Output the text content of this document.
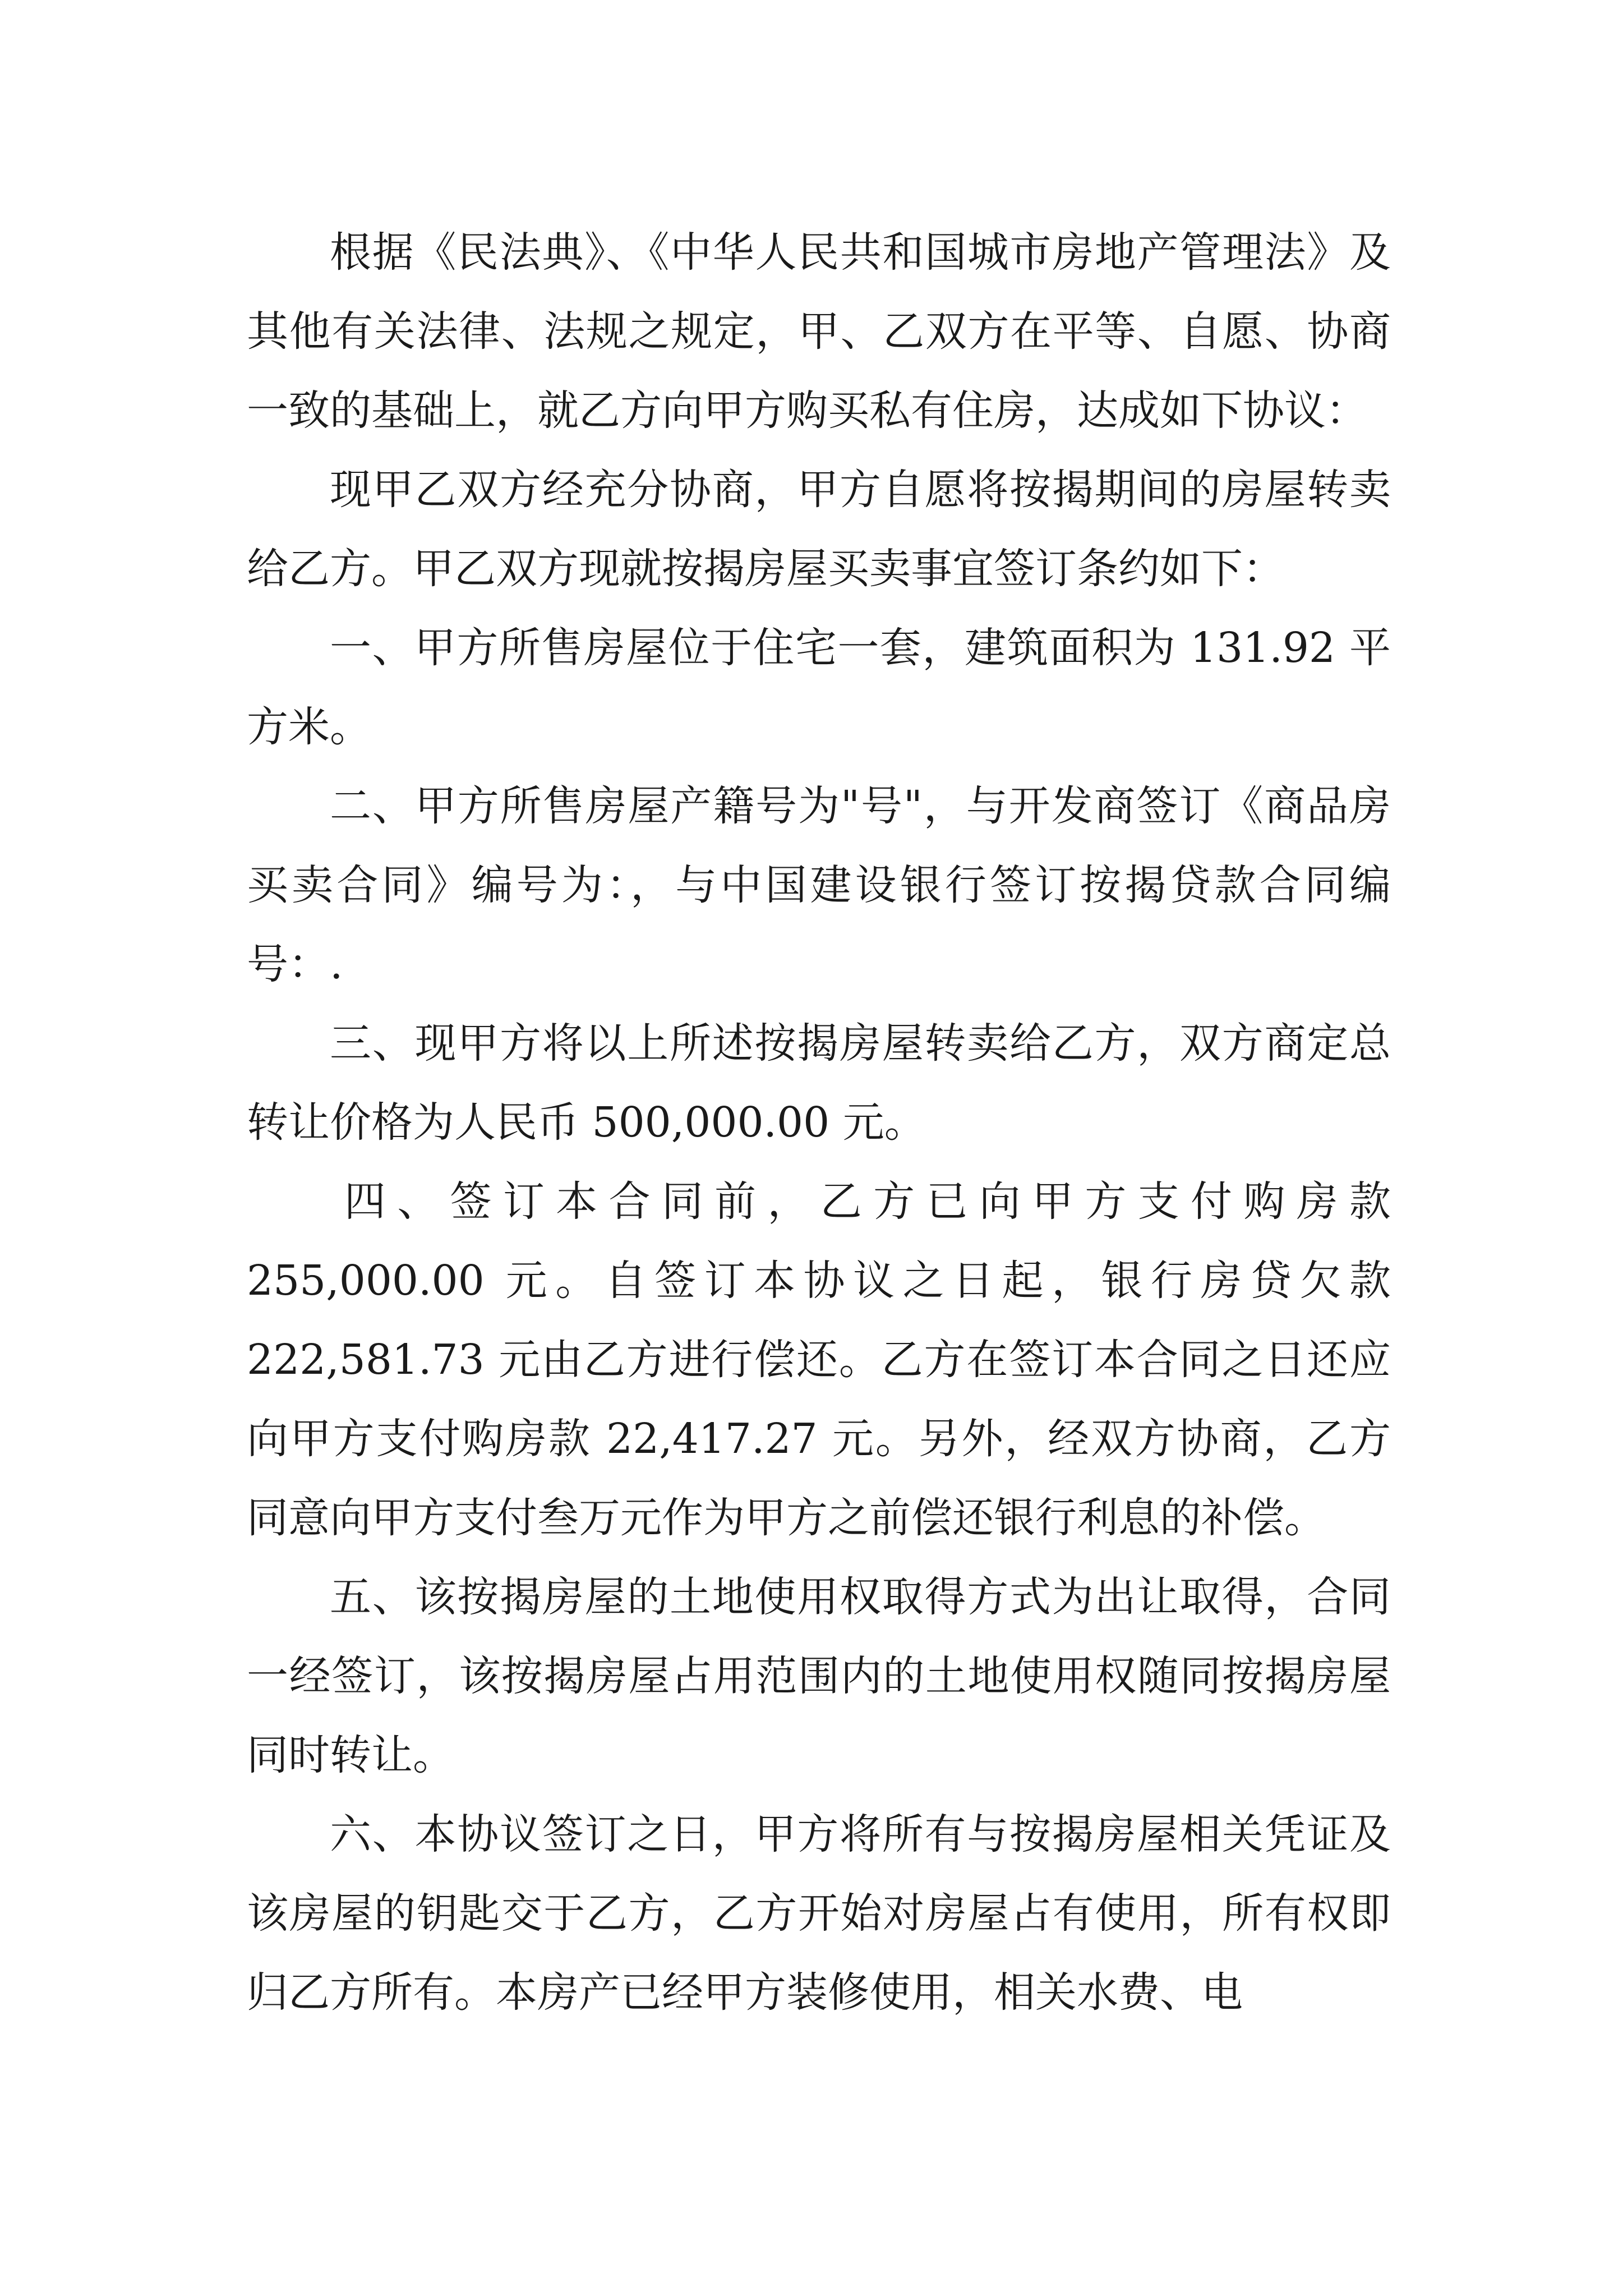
根据《民法典》、《中华人民共和国城市房地产管理法》及其他有关法律、法规之规定，甲、乙双方在平等、自愿、协商一致的基础上，就乙方向甲方购买私有住房，达成如下协议：

现甲乙双方经充分协商，甲方自愿将按揭期间的房屋转卖给乙方。甲乙双方现就按揭房屋买卖事宜签订条约如下：

一、甲方所售房屋位于住宅一套，建筑面积为 131.92 平方米。

二、甲方所售房屋产籍号为"号"，与开发商签订《商品房买卖合同》编号为：，与中国建设银行签订按揭贷款合同编号：.

三、现甲方将以上所述按揭房屋转卖给乙方，双方商定总转让价格为人民币 500,000.00 元。

四、签订本合同前，乙方已向甲方支付购房款 255,000.00 元。自签订本协议之日起，银行房贷欠款 222,581.73 元由乙方进行偿还。乙方在签订本合同之日还应向甲方支付购房款 22,417.27 元。另外，经双方协商，乙方同意向甲方支付叁万元作为甲方之前偿还银行利息的补偿。

五、该按揭房屋的土地使用权取得方式为出让取得，合同一经签订，该按揭房屋占用范围内的土地使用权随同按揭房屋同时转让。

六、本协议签订之日，甲方将所有与按揭房屋相关凭证及该房屋的钥匙交于乙方，乙方开始对房屋占有使用，所有权即归乙方所有。本房产已经甲方装修使用，相关水费、电
